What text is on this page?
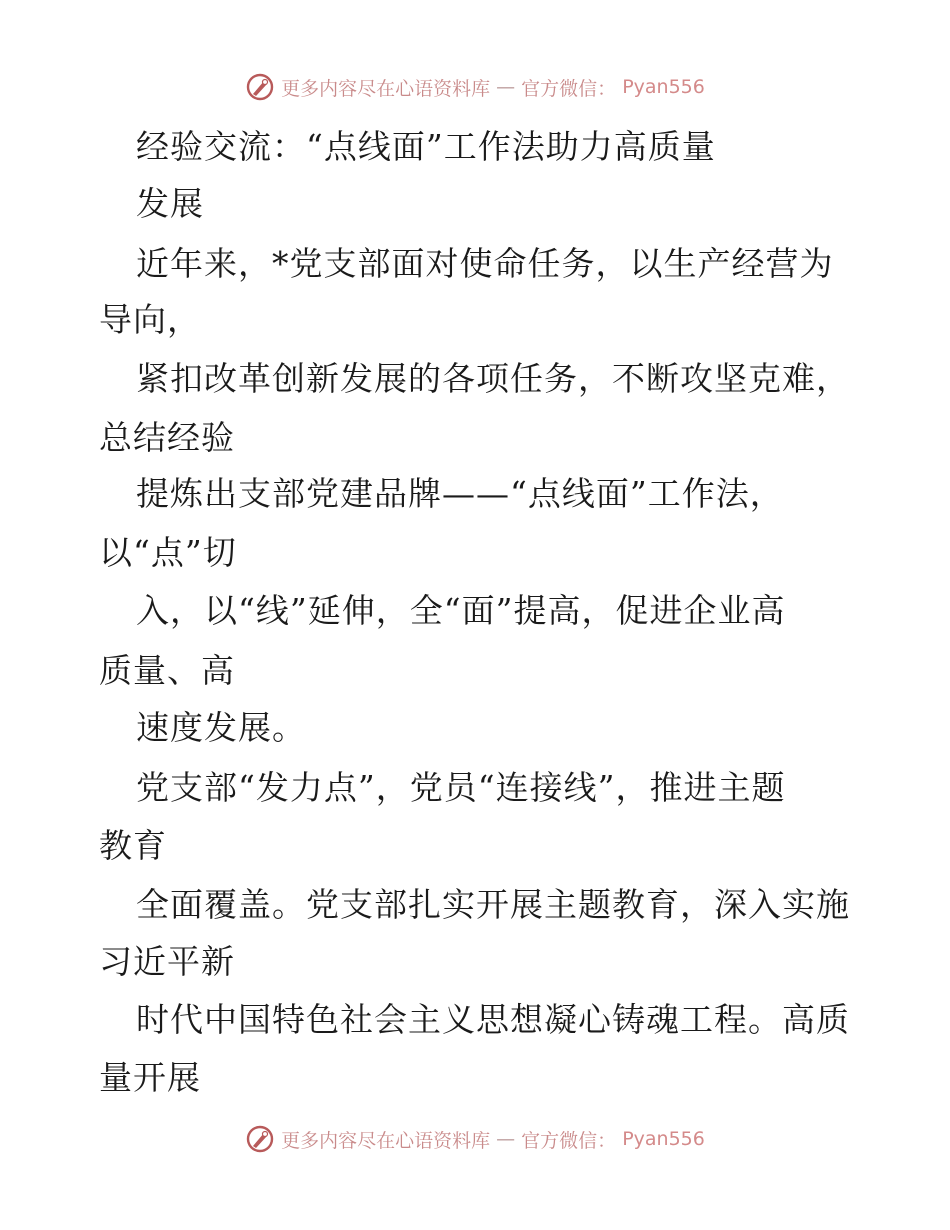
更多内容尽在心语资料库 — 官方微信： Pyan556
经验交流：“点线面”工作法助力高质量
发展
近年来，*党支部面对使命任务，以生产经营为
导向，
紧扣改革创新发展的各项任务，不断攻坚克难，
总结经验
提炼出支部党建品牌——“点线面”工作法，
以“点”切
入，以“线”延伸，全“面”提高，促进企业高
质量、高
速度发展。
党支部“发力点”，党员“连接线”，推进主题
教育
全面覆盖。党支部扎实开展主题教育，深入实施
习近平新
时代中国特色社会主义思想凝心铸魂工程。高质
量开展
更多内容尽在心语资料库 — 官方微信： Pyan556
